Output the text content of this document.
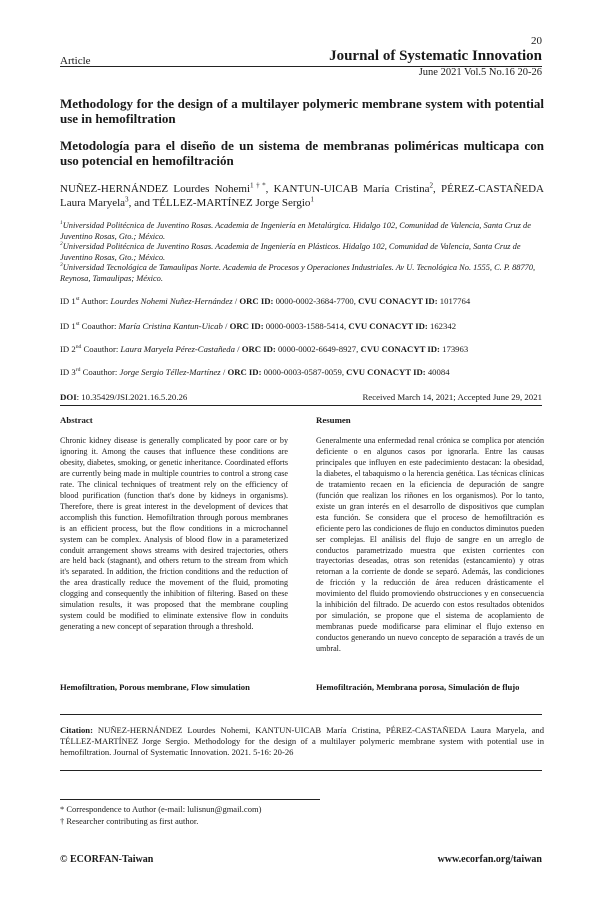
20
Article	Journal of Systematic Innovation
June 2021 Vol.5 No.16 20-26
Methodology for the design of a multilayer polymeric membrane system with potential use in hemofiltration
Metodología para el diseño de un sistema de membranas poliméricas multicapa con uso potencial en hemofiltración
NUÑEZ-HERNÁNDEZ Lourdes Nohemi$^{1\dagger*}$, KANTUN-UICAB María Cristina$^2$, PÉREZ-CASTAÑEDA Laura Maryela$^3$, and TÉLLEZ-MARTÍNEZ Jorge Sergio$^1$
$^1$Universidad Politécnica de Juventino Rosas. Academia de Ingeniería en Metalúrgica. Hidalgo 102, Comunidad de Valencia, Santa Cruz de Juventino Rosas, Gto.; México.
$^2$Universidad Politécnica de Juventino Rosas. Academia de Ingeniería en Plásticos. Hidalgo 102, Comunidad de Valencia, Santa Cruz de Juventino Rosas, Gto.; México.
$^3$Universidad Tecnológica de Tamaulipas Norte. Academia de Procesos y Operaciones Industriales. Av U. Tecnológica No. 1555, C. P. 88770, Reynosa, Tamaulipas; México.
ID 1st Author: Lourdes Nohemi Nuñez-Hernández / ORC ID: 0000-0002-3684-7700, CVU CONACYT ID: 1017764
ID 1st Coauthor: María Cristina Kantun-Uicab / ORC ID: 0000-0003-1588-5414, CVU CONACYT ID: 162342
ID 2nd Coauthor: Laura Maryela Pérez-Castañeda / ORC ID: 0000-0002-6649-8927, CVU CONACYT ID: 173963
ID 3rd Coauthor: Jorge Sergio Téllez-Martínez / ORC ID: 0000-0003-0587-0059, CVU CONACYT ID: 40084
DOI: 10.35429/JSI.2021.16.5.20.26	Received March 14, 2021; Accepted June 29, 2021
Abstract	Resumen
Chronic kidney disease is generally complicated by poor care or by ignoring it. Among the causes that influence these conditions are obesity, diabetes, smoking, or genetic inheritance. Coordinated efforts are currently being made in multiple countries to control a strong case rate. The clinical techniques of treatment rely on the efficiency of blood purification (function that's done by kidneys in organisms). Therefore, there is great interest in the development of devices that accomplish this function. Hemofiltration through porous membranes is an efficient process, but the flow conditions in a microchannel system can be complex. Analysis of blood flow in a parameterized conduit arrangement shows streams with desired trajectories, others are held back (stagnant), and others return to the stream from which it's separated. In addition, the friction conditions and the reduction of the area drastically reduce the movement of the fluid, promoting clogging and consequently the inhibition of filtering. Based on these simulation results, it was proposed that the membrane coupling system could be modified to eliminate extensive flow in conduits generating a new concept of separation through a threshold.
Generalmente una enfermedad renal crónica se complica por atención deficiente o en algunos casos por ignorarla. Entre las causas principales que influyen en este padecimiento destacan: la obesidad, la diabetes, el tabaquismo o la herencia genética. Las técnicas clínicas de tratamiento recaen en la eficiencia de depuración de sangre (función que realizan los riñones en los organismos). Por lo tanto, existe un gran interés en el desarrollo de dispositivos que cumplan esta función. Se considera que el proceso de hemofiltración es eficiente pero las condiciones de flujo en conductos diminutos pueden ser complejas. El análisis del flujo de sangre en un arreglo de conductos parametrizado muestra que existen corrientes con trayectorias deseadas, otras son retenidas (estancamiento) y otras retornan a la corriente de donde se separó. Además, las condiciones de fricción y la reducción de área reducen drásticamente el movimiento del fluido promoviendo obstrucciones y en consecuencia la inhibición del filtrado. De acuerdo con estos resultados obtenidos por simulación, se propone que el sistema de acoplamiento de membranas puede modificarse para eliminar el flujo extenso en conductos generando un nuevo concepto de separación a través de un umbral.
Hemofiltration, Porous membrane, Flow simulation	Hemofiltración, Membrana porosa, Simulación de flujo
Citation: NUÑEZ-HERNÁNDEZ Lourdes Nohemi, KANTUN-UICAB María Cristina, PÉREZ-CASTAÑEDA Laura Maryela, and TÉLLEZ-MARTÍNEZ Jorge Sergio. Methodology for the design of a multilayer polymeric membrane system with potential use in hemofiltration. Journal of Systematic Innovation. 2021. 5-16: 20-26
* Correspondence to Author (e-mail: lulisnun@gmail.com)
† Researcher contributing as first author.
© ECORFAN-Taiwan	www.ecorfan.org/taiwan
